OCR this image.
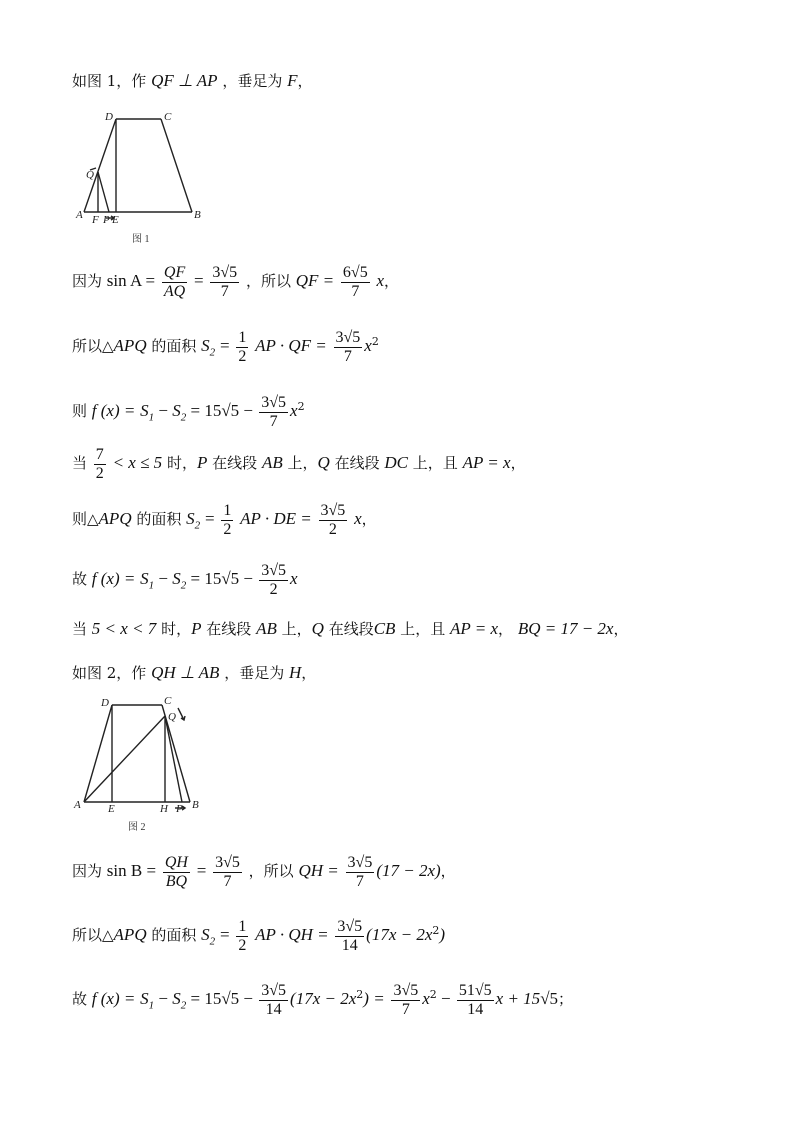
如图 1，作 QF ⊥ AP ，垂足为 F，
D	C
Q
A	B
F P E
图 1
因为 $\sin A = \frac{QF}{AQ} = \frac{3√5}{7}$ ，所以 QF = $\frac{6√5}{7}$ x，
所以△APQ 的面积 $S_2 = \frac{1}{2}$ AP · QF = $\frac{3√5}{7} x^2$
则 f $(x) = S_1 - S_2 = 15√5 - \frac{3√5}{7} x^2$
当 $\frac{7}{2} < x \le 5$ 时，P 在线段 AB 上，Q 在线段 DC 上，且 AP = x，
则△APQ 的面积 $S_2 = \frac{1}{2}$ AP · DE = $\frac{3√5}{2}$ x，
故 f $(x) = S_1 - S_2 = 15√5 - \frac{3√5}{2}$ x
当 5 < x < 7 时，P 在线段 AB 上，Q 在线段CB 上，且 AP = x， BQ = 17 − 2x，
如图 2，作 QH ⊥ AB ，垂足为 H，
D	C
Q
A	B
E	H P
图 2
因为 $\sin B = \frac{QH}{BQ} = \frac{3√5}{7}$ ，所以 QH = $\frac{3√5}{7} (17 - 2x)$，
所以△APQ 的面积 $S_2 = \frac{1}{2}$ AP · QH = $\frac{3√5}{14} (17x - 2x^2)$
故 f $(x) = S_1 - S_2 = 15√5 - \frac{3√5}{14} (17x - 2x^2) = \frac{3√5}{7} x^2 - \frac{51√5}{14}$ x + 15√5；
